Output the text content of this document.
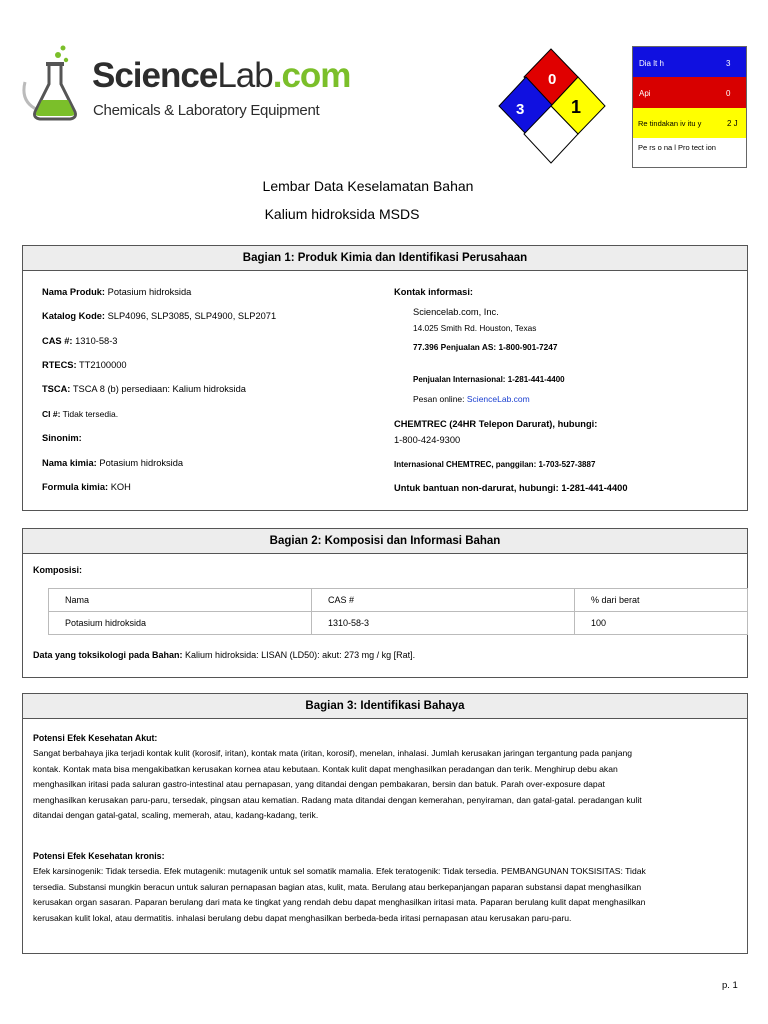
ScienceLab.com
Chemicals & Laboratory Equipment
0
3	1
Dia lt h	3
Api	0
Re tindakan iv itu y	2 J
Pe rs o na l Pro tect ion
Lembar Data Keselamatan Bahan
Kalium hidroksida MSDS
Bagian 1: Produk Kimia dan Identifikasi Perusahaan
Nama Produk: Potasium hidroksida
Katalog Kode: SLP4096, SLP3085, SLP4900, SLP2071
CAS #: 1310-58-3
RTECS: TT2100000
TSCA: TSCA 8 (b) persediaan: Kalium hidroksida
CI #: Tidak tersedia.
Sinonim:
Nama kimia: Potasium hidroksida
Formula kimia: KOH
Kontak informasi:
Sciencelab.com, Inc.
14.025 Smith Rd. Houston, Texas
77.396 Penjualan AS: 1-800-901-7247
Penjualan Internasional: 1-281-441-4400
Pesan online: ScienceLab.com
CHEMTREC (24HR Telepon Darurat), hubungi:
1-800-424-9300
Internasional CHEMTREC, panggilan: 1-703-527-3887
Untuk bantuan non-darurat, hubungi: 1-281-441-4400
Bagian 2: Komposisi dan Informasi Bahan
Komposisi:
Nama	CAS #	% dari berat
Potasium hidroksida	1310-58-3	100
Data yang toksikologi pada Bahan: Kalium hidroksida: LISAN (LD50): akut: 273 mg / kg [Rat].
Bagian 3: Identifikasi Bahaya
Potensi Efek Kesehatan Akut:
Sangat berbahaya jika terjadi kontak kulit (korosif, iritan), kontak mata (iritan, korosif), menelan, inhalasi. Jumlah kerusakan jaringan tergantung pada panjang
kontak. Kontak mata bisa mengakibatkan kerusakan kornea atau kebutaan. Kontak kulit dapat menghasilkan peradangan dan terik. Menghirup debu akan
menghasilkan iritasi pada saluran gastro-intestinal atau pernapasan, yang ditandai dengan pembakaran, bersin dan batuk. Parah over-exposure dapat
menghasilkan kerusakan paru-paru, tersedak, pingsan atau kematian. Radang mata ditandai dengan kemerahan, penyiraman, dan gatal-gatal. peradangan kulit
ditandai dengan gatal-gatal, scaling, memerah, atau, kadang-kadang, terik.
Potensi Efek Kesehatan kronis:
Efek karsinogenik: Tidak tersedia. Efek mutagenik: mutagenik untuk sel somatik mamalia. Efek teratogenik: Tidak tersedia. PEMBANGUNAN TOKSISITAS: Tidak
tersedia. Substansi mungkin beracun untuk saluran pernapasan bagian atas, kulit, mata. Berulang atau berkepanjangan paparan substansi dapat menghasilkan
kerusakan organ sasaran. Paparan berulang dari mata ke tingkat yang rendah debu dapat menghasilkan iritasi mata. Paparan berulang kulit dapat menghasilkan
kerusakan kulit lokal, atau dermatitis. inhalasi berulang debu dapat menghasilkan berbeda-beda iritasi pernapasan atau kerusakan paru-paru.
p. 1
